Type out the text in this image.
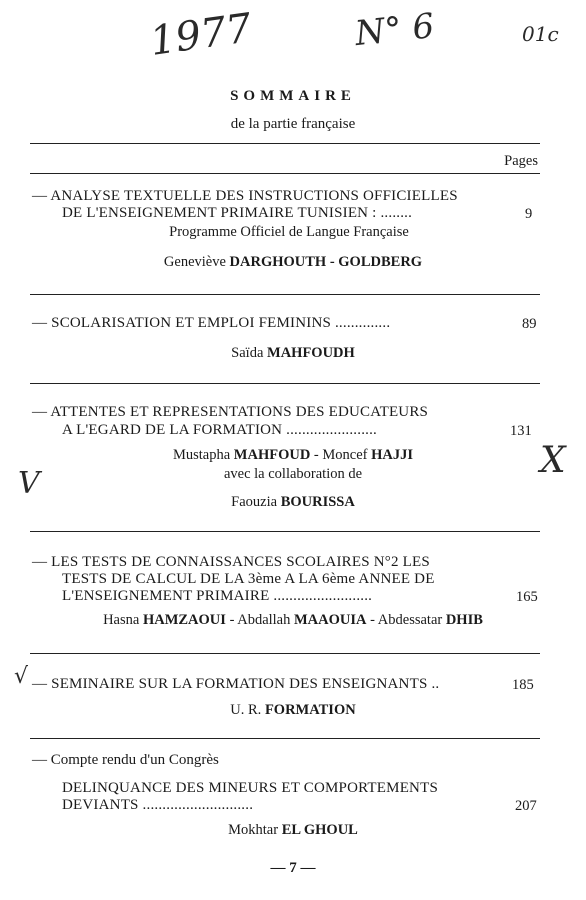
1977	N° 6	01c
X
V
√
SOMMAIRE
de la partie française
Pages
— ANALYSE TEXTUELLE DES INSTRUCTIONS OFFICIELLES
DE L'ENSEIGNEMENT PRIMAIRE TUNISIEN : ........	9
Programme Officiel de Langue Française
Geneviève DARGHOUTH - GOLDBERG
— SCOLARISATION ET EMPLOI FEMININS ..............	89
Saïda MAHFOUDH
— ATTENTES ET REPRESENTATIONS DES EDUCATEURS
A L'EGARD DE LA FORMATION .......................	131
Mustapha MAHFOUD - Moncef HAJJI
avec la collaboration de
Faouzia BOURISSA
— LES TESTS DE CONNAISSANCES SCOLAIRES N°2 LES
TESTS DE CALCUL DE LA 3ème A LA 6ème ANNEE DE
L'ENSEIGNEMENT PRIMAIRE .........................	165
Hasna HAMZAOUI - Abdallah MAAOUIA - Abdessatar DHIB
— SEMINAIRE SUR LA FORMATION DES ENSEIGNANTS ..	185
U. R. FORMATION
— Compte rendu d'un Congrès
DELINQUANCE DES MINEURS ET COMPORTEMENTS
DEVIANTS ............................	207
Mokhtar EL GHOUL
— 7 —
